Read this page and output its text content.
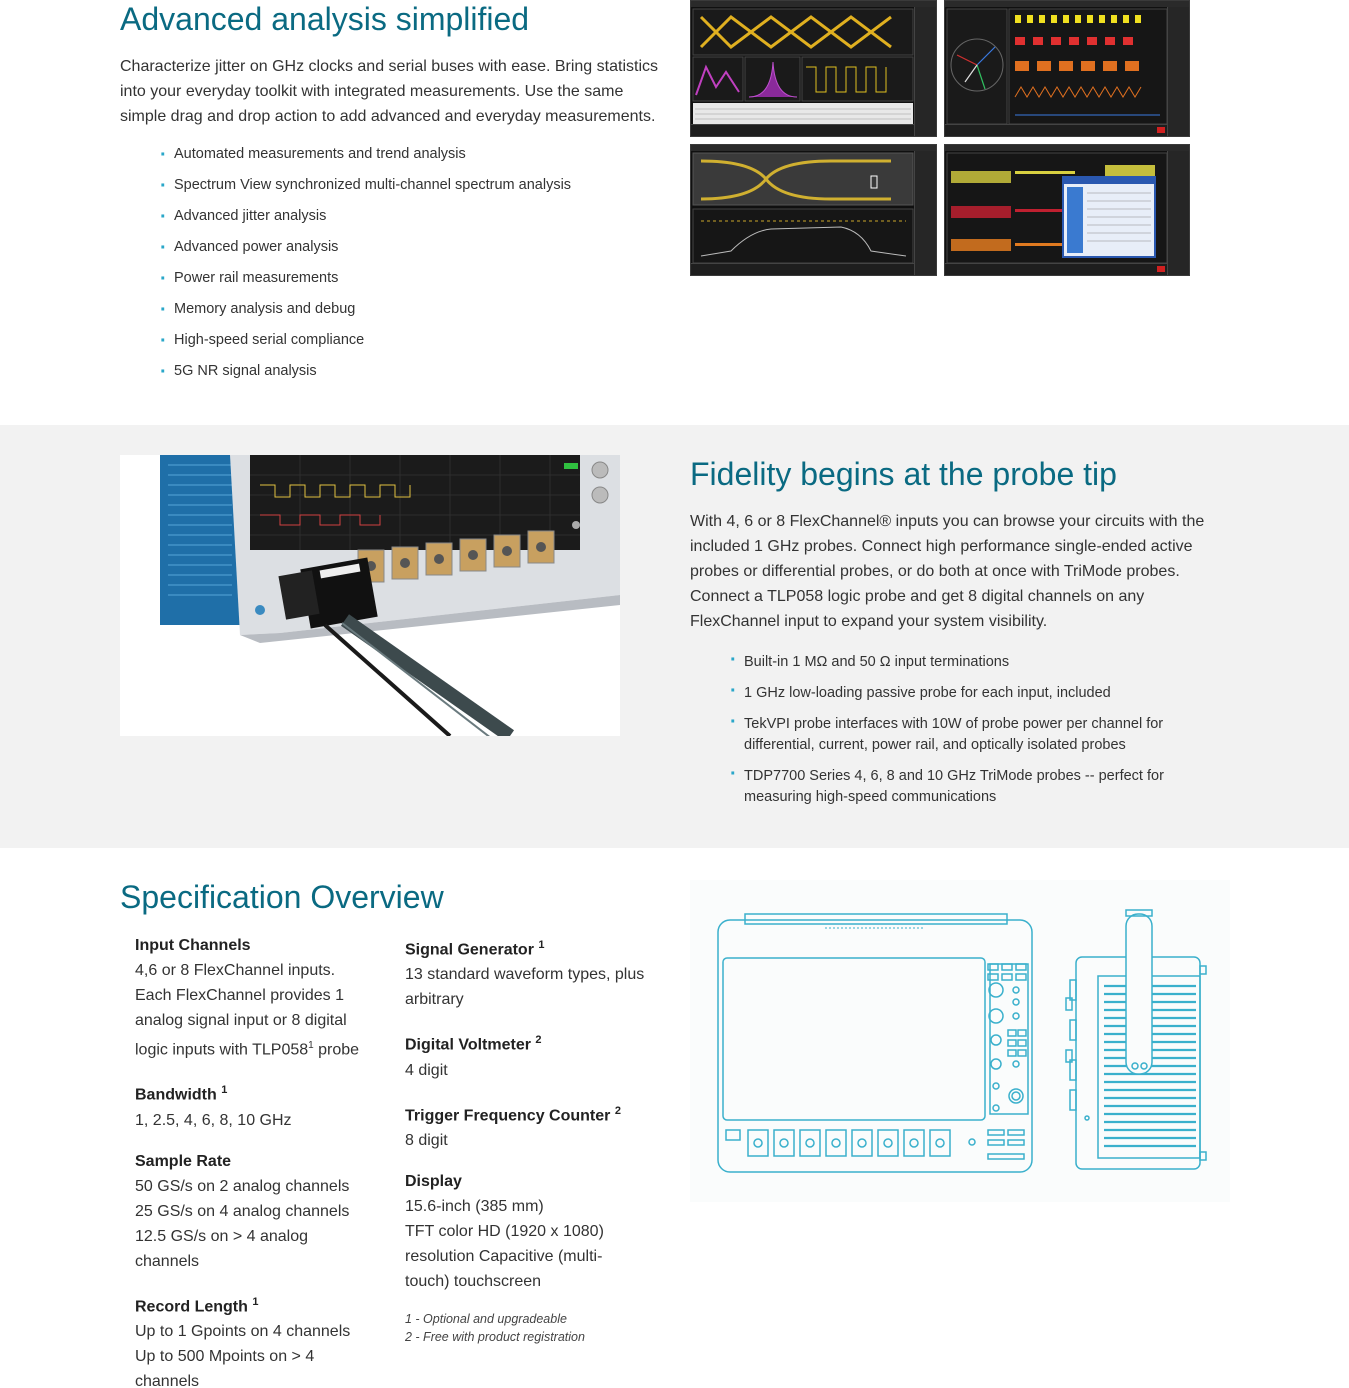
Advanced analysis simplified

Characterize jitter on GHz clocks and serial buses with ease. Bring statistics into your everyday toolkit with integrated measurements. Use the same simple drag and drop action to add advanced and everyday measurements.

· Automated measurements and trend analysis
· Spectrum View synchronized multi-channel spectrum analysis
· Advanced jitter analysis
· Advanced power analysis
· Power rail measurements
· Memory analysis and debug
· High-speed serial compliance
· 5G NR signal analysis
Fidelity begins at the probe tip

With 4, 6 or 8 FlexChannel® inputs you can browse your circuits with the included 1 GHz probes. Connect high performance single-ended active probes or differential probes, or do both at once with TriMode probes. Connect a TLP058 logic probe and get 8 digital channels on any FlexChannel input to expand your system visibility.

· Built-in 1 MΩ and 50 Ω input terminations
· 1 GHz low-loading passive probe for each input, included
· TekVPI probe interfaces with 10W of probe power per channel for differential, current, power rail, and optically isolated probes
· TDP7700 Series 4, 6, 8 and 10 GHz TriMode probes -- perfect for measuring high-speed communications
Specification Overview
Input Channels
4,6 or 8 FlexChannel inputs. Each FlexChannel provides 1 analog signal input or 8 digital logic inputs with $TLP058^1$ probe
Bandwidth $^1$
1, 2.5, 4, 6, 8, 10 GHz
Sample Rate
50 GS/s on 2 analog channels
25 GS/s on 4 analog channels
12.5 GS/s on > 4 analog channels
Record Length $^1$
Up to 1 Gpoints on 4 channels
Up to 500 Mpoints on > 4 channels
Signal Generator $^1$
13 standard waveform types, plus arbitrary
Digital Voltmeter $^2$
4 digit
Trigger Frequency Counter $^2$
8 digit
Display
15.6-inch (385 mm)
TFT color HD (1920 x 1080) resolution Capacitive (multi-touch) touchscreen
1 - Optional and upgradeable
2 - Free with product registration
